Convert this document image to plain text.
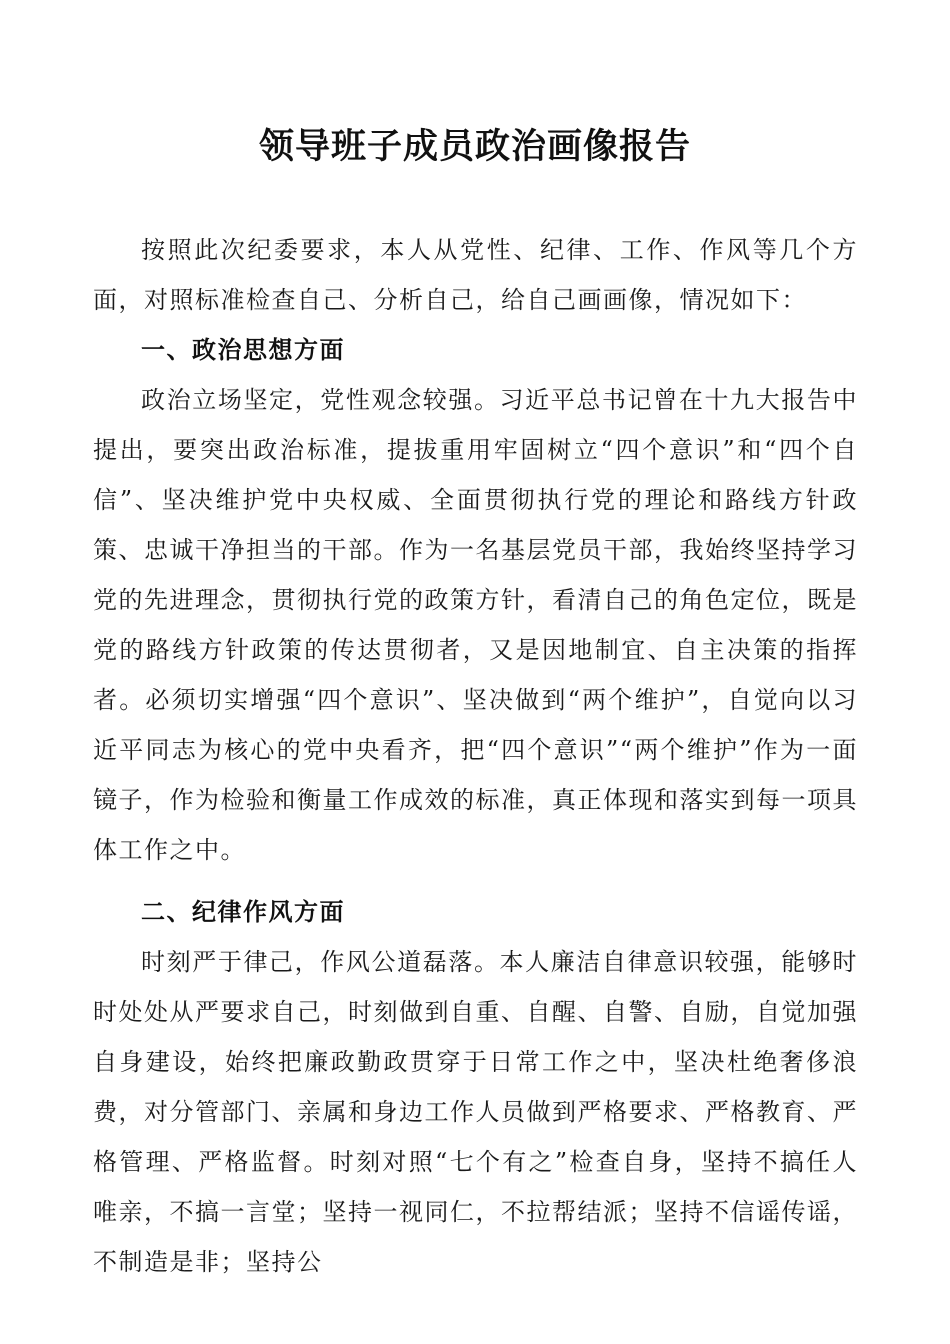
领导班子成员政治画像报告

按照此次纪委要求，本人从党性、纪律、工作、作风等几个方面，对照标准检查自己、分析自己，给自己画画像，情况如下：

一、政治思想方面

政治立场坚定，党性观念较强。习近平总书记曾在十九大报告中提出，要突出政治标准，提拔重用牢固树立“四个意识”和“四个自信”、坚决维护党中央权威、全面贯彻执行党的理论和路线方针政策、忠诚干净担当的干部。作为一名基层党员干部，我始终坚持学习党的先进理念，贯彻执行党的政策方针，看清自己的角色定位，既是党的路线方针政策的传达贯彻者，又是因地制宜、自主决策的指挥者。必须切实增强“四个意识”、坚决做到“两个维护”，自觉向以习近平同志为核心的党中央看齐，把“四个意识”“两个维护”作为一面镜子，作为检验和衡量工作成效的标准，真正体现和落实到每一项具体工作之中。

二、纪律作风方面

时刻严于律己，作风公道磊落。本人廉洁自律意识较强，能够时时处处从严要求自己，时刻做到自重、自醒、自警、自励，自觉加强自身建设，始终把廉政勤政贯穿于日常工作之中，坚决杜绝奢侈浪费，对分管部门、亲属和身边工作人员做到严格要求、严格教育、严格管理、严格监督。时刻对照“七个有之”检查自身，坚持不搞任人唯亲，不搞一言堂；坚持一视同仁，不拉帮结派；坚持不信谣传谣，不制造是非；坚持公
